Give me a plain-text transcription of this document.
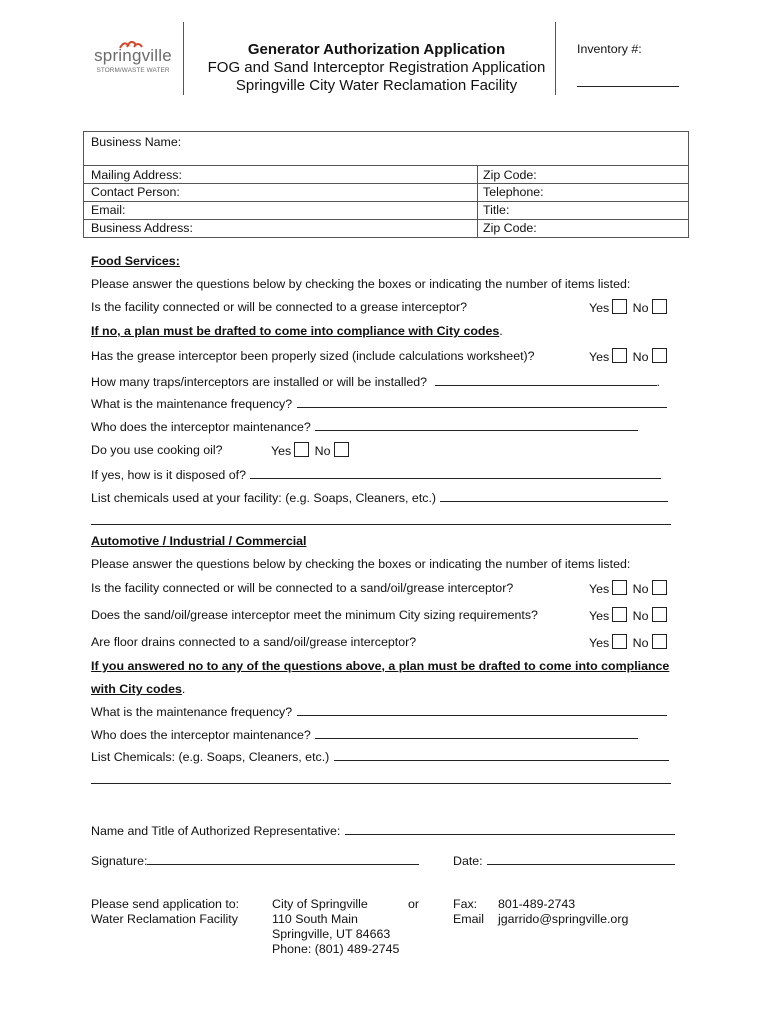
springville
STORM/WASTE WATER
Generator Authorization Application
FOG and Sand Interceptor Registration Application
Springville City Water Reclamation Facility
Inventory #:
Business Name:
Mailing Address:	Zip Code:
Contact Person:	Telephone:
Email:	Title:
Business Address:	Zip Code:
Food Services:
Please answer the questions below by checking the boxes or indicating the number of items listed:
Is the facility connected or will be connected to a grease interceptor?	Yes No
If no, a plan must be drafted to come into compliance with City codes.
Has the grease interceptor been properly sized (include calculations worksheet)?	Yes No
How many traps/interceptors are installed or will be installed?	.
What is the maintenance frequency?
Who does the interceptor maintenance?
Do you use cooking oil?	Yes No
If yes, how is it disposed of?
List chemicals used at your facility: (e.g. Soaps, Cleaners, etc.)
Automotive / Industrial / Commercial
Please answer the questions below by checking the boxes or indicating the number of items listed:
Is the facility connected or will be connected to a sand/oil/grease interceptor?	Yes No
Does the sand/oil/grease interceptor meet the minimum City sizing requirements?	Yes No
Are floor drains connected to a sand/oil/grease interceptor?	Yes No
If you answered no to any of the questions above, a plan must be drafted to come into compliance
with City codes.
What is the maintenance frequency?
Who does the interceptor maintenance?
List Chemicals: (e.g. Soaps, Cleaners, etc.)
Name and Title of Authorized Representative:
Signature:	Date:
Please send application to:
Water Reclamation Facility
City of Springville
110 South Main
Springville, UT 84663
Phone: (801) 489-2745
or	Fax: 801-489-2743
Email jgarrido@springville.org
